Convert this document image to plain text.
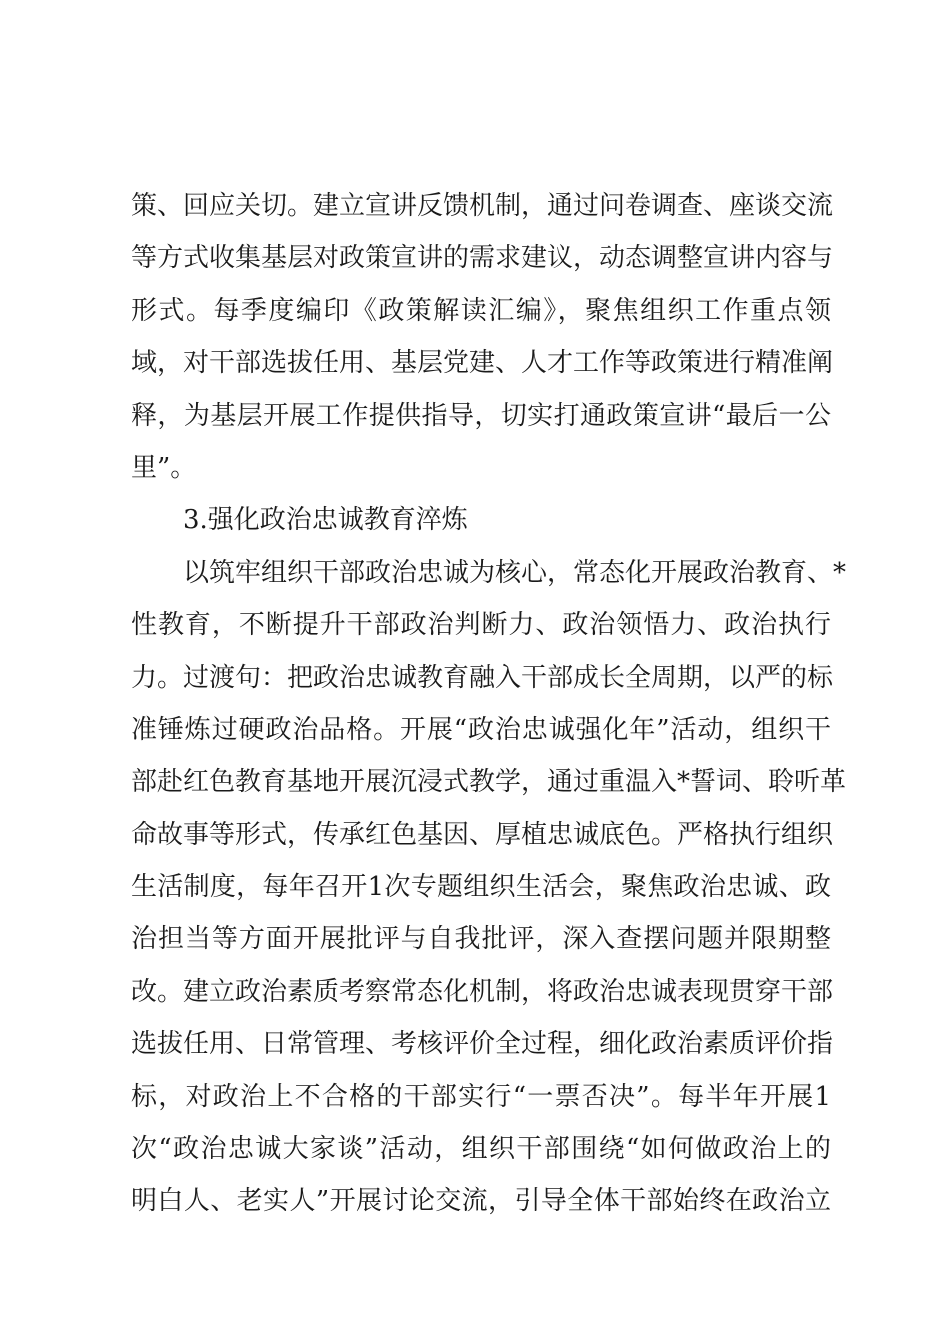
策、回应关切。建立宣讲反馈机制，通过问卷调查、座谈交流
等方式收集基层对政策宣讲的需求建议，动态调整宣讲内容与
形式。每季度编印《政策解读汇编》，聚焦组织工作重点领
域，对干部选拔任用、基层党建、人才工作等政策进行精准阐
释，为基层开展工作提供指导，切实打通政策宣讲“最后一公
里”。
3.强化政治忠诚教育淬炼
以筑牢组织干部政治忠诚为核心，常态化开展政治教育、*
性教育，不断提升干部政治判断力、政治领悟力、政治执行
力。过渡句：把政治忠诚教育融入干部成长全周期，以严的标
准锤炼过硬政治品格。开展“政治忠诚强化年”活动，组织干
部赴红色教育基地开展沉浸式教学，通过重温入*誓词、聆听革
命故事等形式，传承红色基因、厚植忠诚底色。严格执行组织
生活制度，每年召开1次专题组织生活会，聚焦政治忠诚、政
治担当等方面开展批评与自我批评，深入查摆问题并限期整
改。建立政治素质考察常态化机制，将政治忠诚表现贯穿干部
选拔任用、日常管理、考核评价全过程，细化政治素质评价指
标，对政治上不合格的干部实行“一票否决”。每半年开展1
次“政治忠诚大家谈”活动，组织干部围绕“如何做政治上的
明白人、老实人”开展讨论交流，引导全体干部始终在政治立
